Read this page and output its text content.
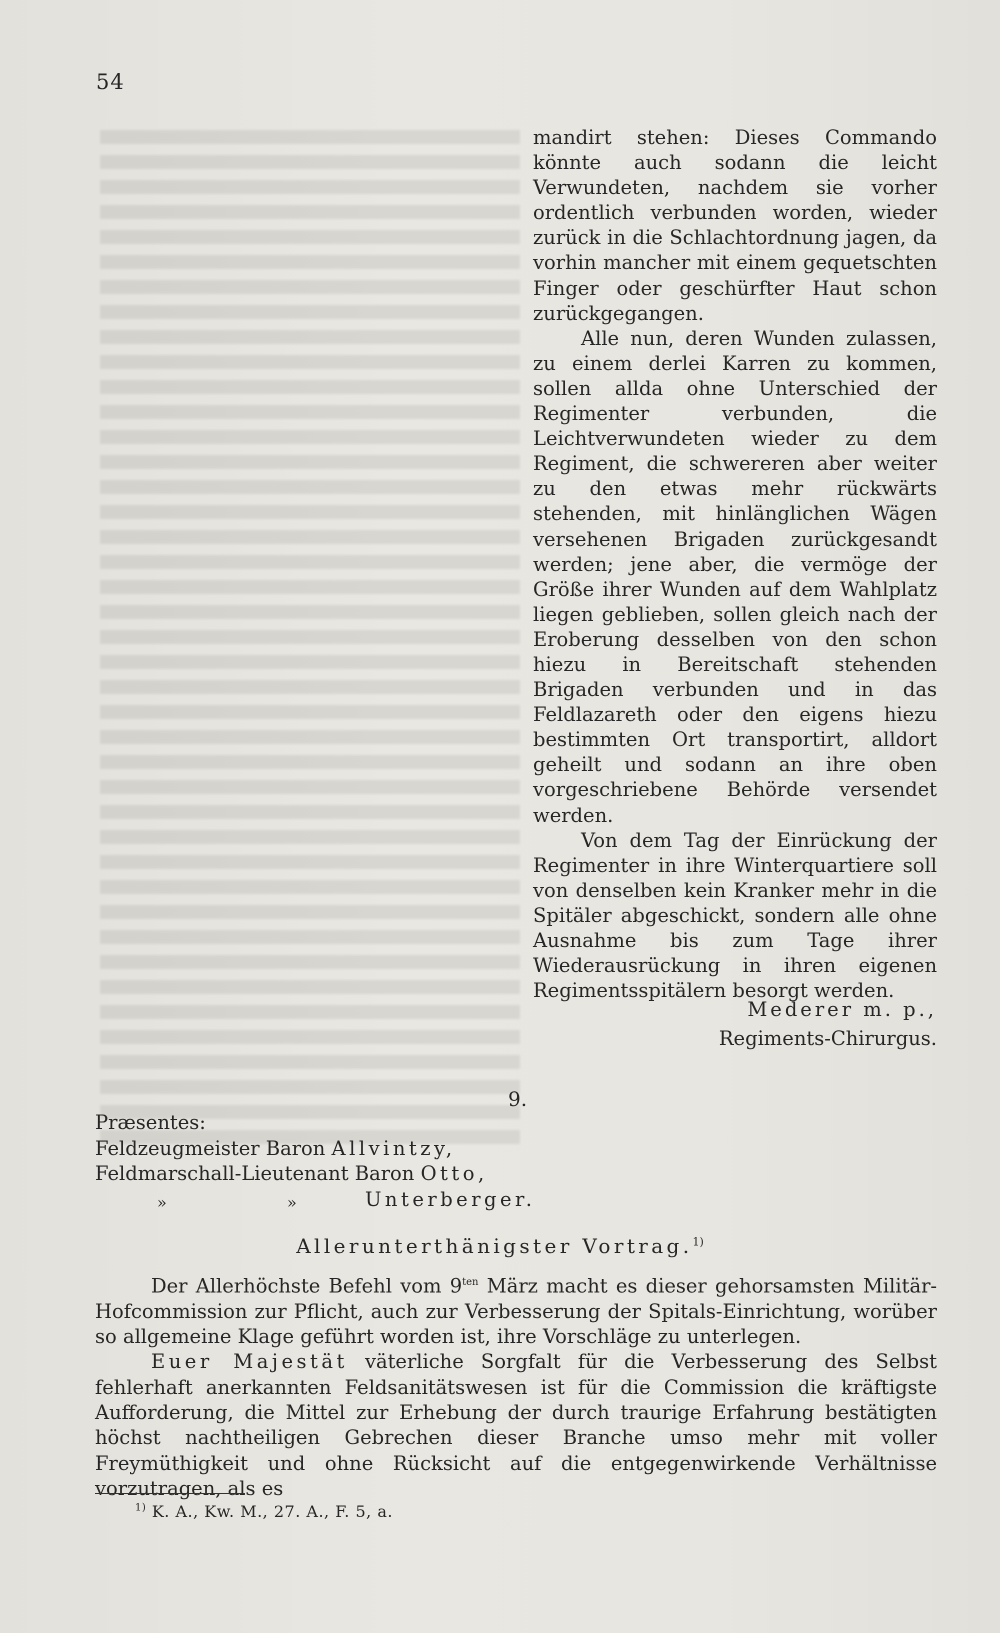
54

mandirt stehen: Dieses Commando könnte auch sodann die leicht Verwundeten, nachdem sie vorher ordentlich verbunden worden, wieder zurück in die Schlachtordnung jagen, da vorhin mancher mit einem gequetschten Finger oder geschürfter Haut schon zurückgegangen.

Alle nun, deren Wunden zulassen, zu einem derlei Karren zu kommen, sollen allda ohne Unterschied der Regimenter verbunden, die Leichtverwundeten wieder zu dem Regiment, die schwereren aber weiter zu den etwas mehr rückwärts stehenden, mit hinlänglichen Wägen versehenen Brigaden zurückgesandt werden; jene aber, die vermöge der Größe ihrer Wunden auf dem Wahlplatz liegen geblieben, sollen gleich nach der Eroberung desselben von den schon hiezu in Bereitschaft stehenden Brigaden verbunden und in das Feldlazareth oder den eigens hiezu bestimmten Ort transportirt, alldort geheilt und sodann an ihre oben vorgeschriebene Behörde versendet werden.

Von dem Tag der Einrückung der Regimenter in ihre Winterquartiere soll von denselben kein Kranker mehr in die Spitäler abgeschickt, sondern alle ohne Ausnahme bis zum Tage ihrer Wiederausrückung in ihren eigenen Regimentsspitälern besorgt werden.

Mederer m. p.,
Regiments-Chirurgus.
9.
Præsentes:
Feldzeugmeister Baron Allvintzy,
Feldmarschall-Lieutenant Baron Otto,
»	»	Unterberger.
Allerunterthänigster Vortrag.$^{1)}$

Der Allerhöchste Befehl vom $9^{ten}$ März macht es dieser gehorsamsten Militär-Hofcommission zur Pflicht, auch zur Verbesserung der Spitals-Einrichtung, worüber so allgemeine Klage geführt worden ist, ihre Vorschläge zu unterlegen.

Euer Majestät väterliche Sorgfalt für die Verbesserung des Selbst fehlerhaft anerkannten Feldsanitätswesen ist für die Commission die kräftigste Aufforderung, die Mittel zur Erhebung der durch traurige Erfahrung bestätigten höchst nachtheiligen Gebrechen dieser Branche umso mehr mit voller Freymüthigkeit und ohne Rücksicht auf die entgegenwirkende Verhältnisse vorzutragen, als es

$^{1)}$ K. A., Kw. M., 27. A., F. 5, a.
